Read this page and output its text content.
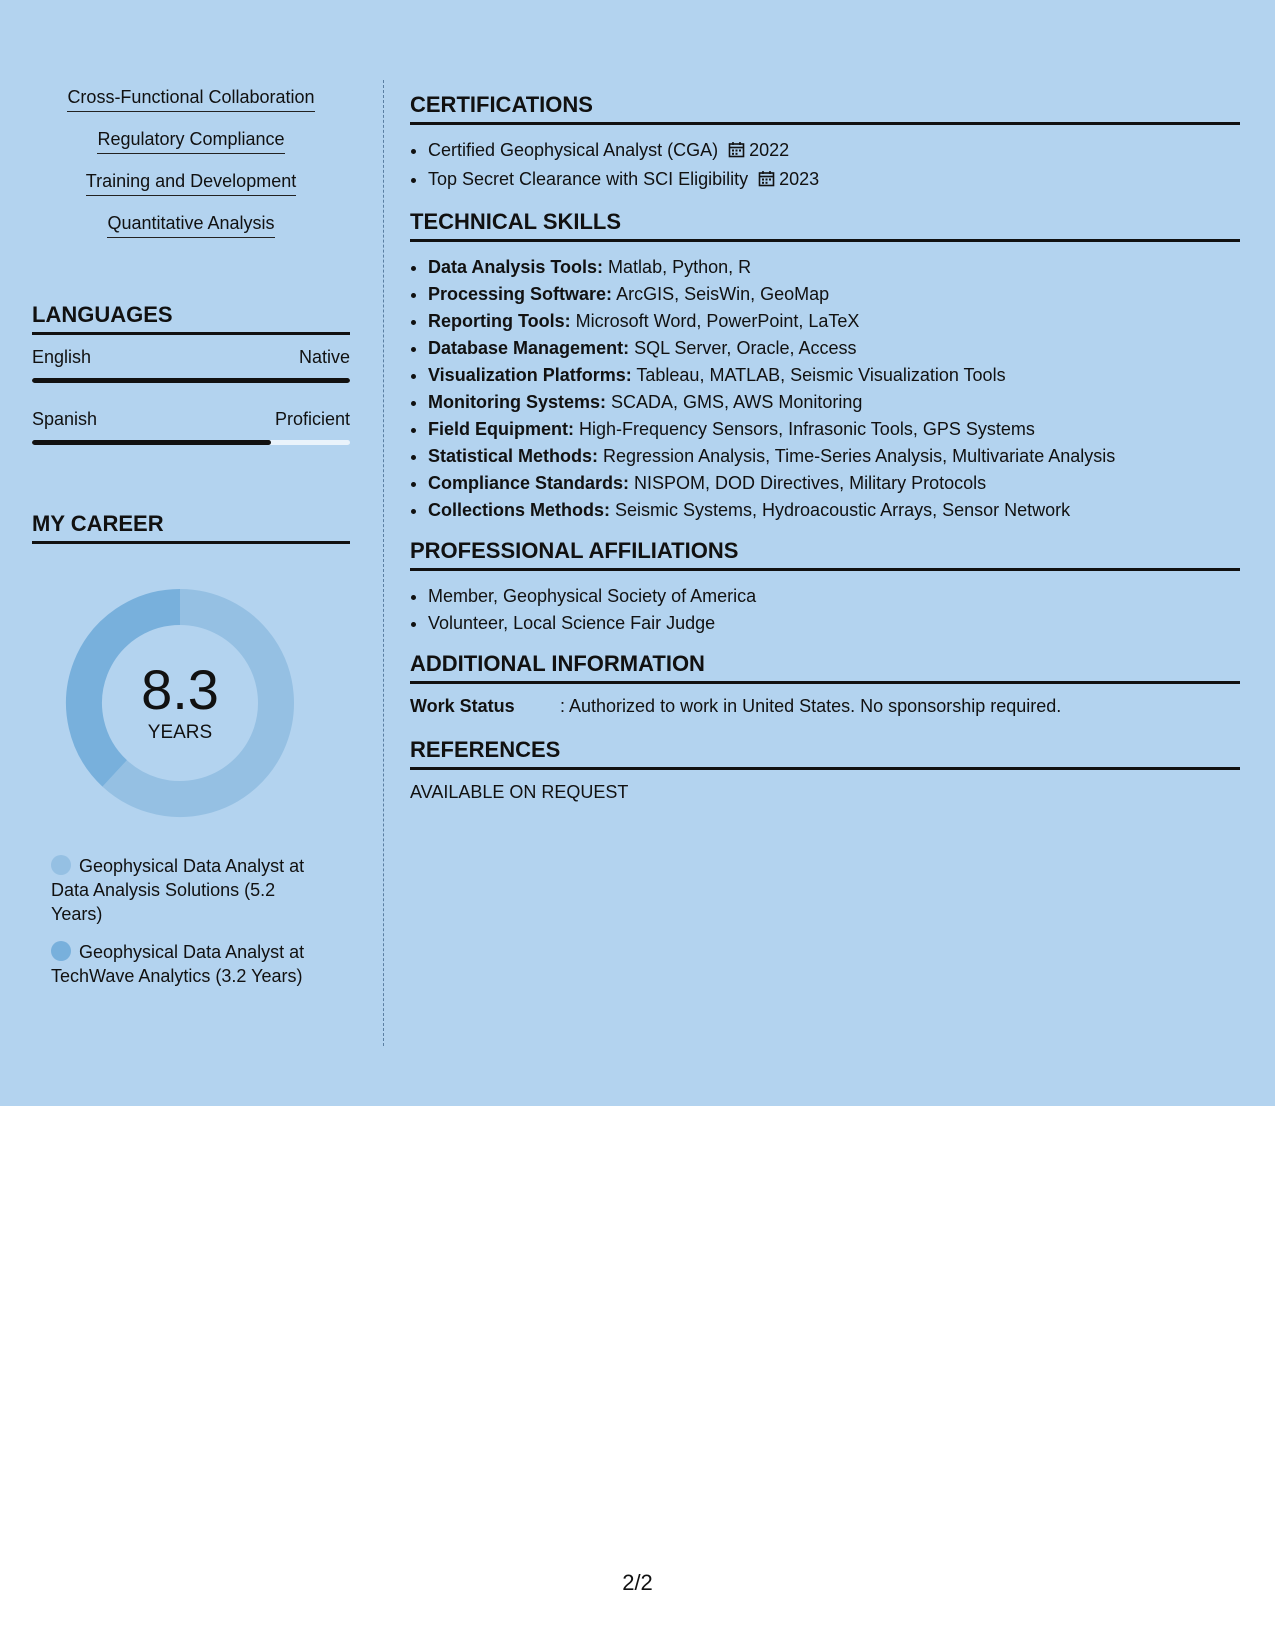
Cross-Functional Collaboration
Regulatory Compliance
Training and Development
Quantitative Analysis
LANGUAGES
English	Native
Spanish	Proficient
MY CAREER
8.3
YEARS
Geophysical Data Analyst at Data Analysis Solutions (5.2 Years)
Geophysical Data Analyst at TechWave Analytics (3.2 Years)
CERTIFICATIONS
• Certified Geophysical Analyst (CGA) 2022
• Top Secret Clearance with SCI Eligibility 2023
TECHNICAL SKILLS
• Data Analysis Tools: Matlab, Python, R
• Processing Software: ArcGIS, SeisWin, GeoMap
• Reporting Tools: Microsoft Word, PowerPoint, LaTeX
• Database Management: SQL Server, Oracle, Access
• Visualization Platforms: Tableau, MATLAB, Seismic Visualization Tools
• Monitoring Systems: SCADA, GMS, AWS Monitoring
• Field Equipment: High-Frequency Sensors, Infrasonic Tools, GPS Systems
• Statistical Methods: Regression Analysis, Time-Series Analysis, Multivariate Analysis
• Compliance Standards: NISPOM, DOD Directives, Military Protocols
• Collections Methods: Seismic Systems, Hydroacoustic Arrays, Sensor Network
PROFESSIONAL AFFILIATIONS
• Member, Geophysical Society of America
• Volunteer, Local Science Fair Judge
ADDITIONAL INFORMATION
Work Status	: Authorized to work in United States. No sponsorship required.
REFERENCES
AVAILABLE ON REQUEST
2/2
